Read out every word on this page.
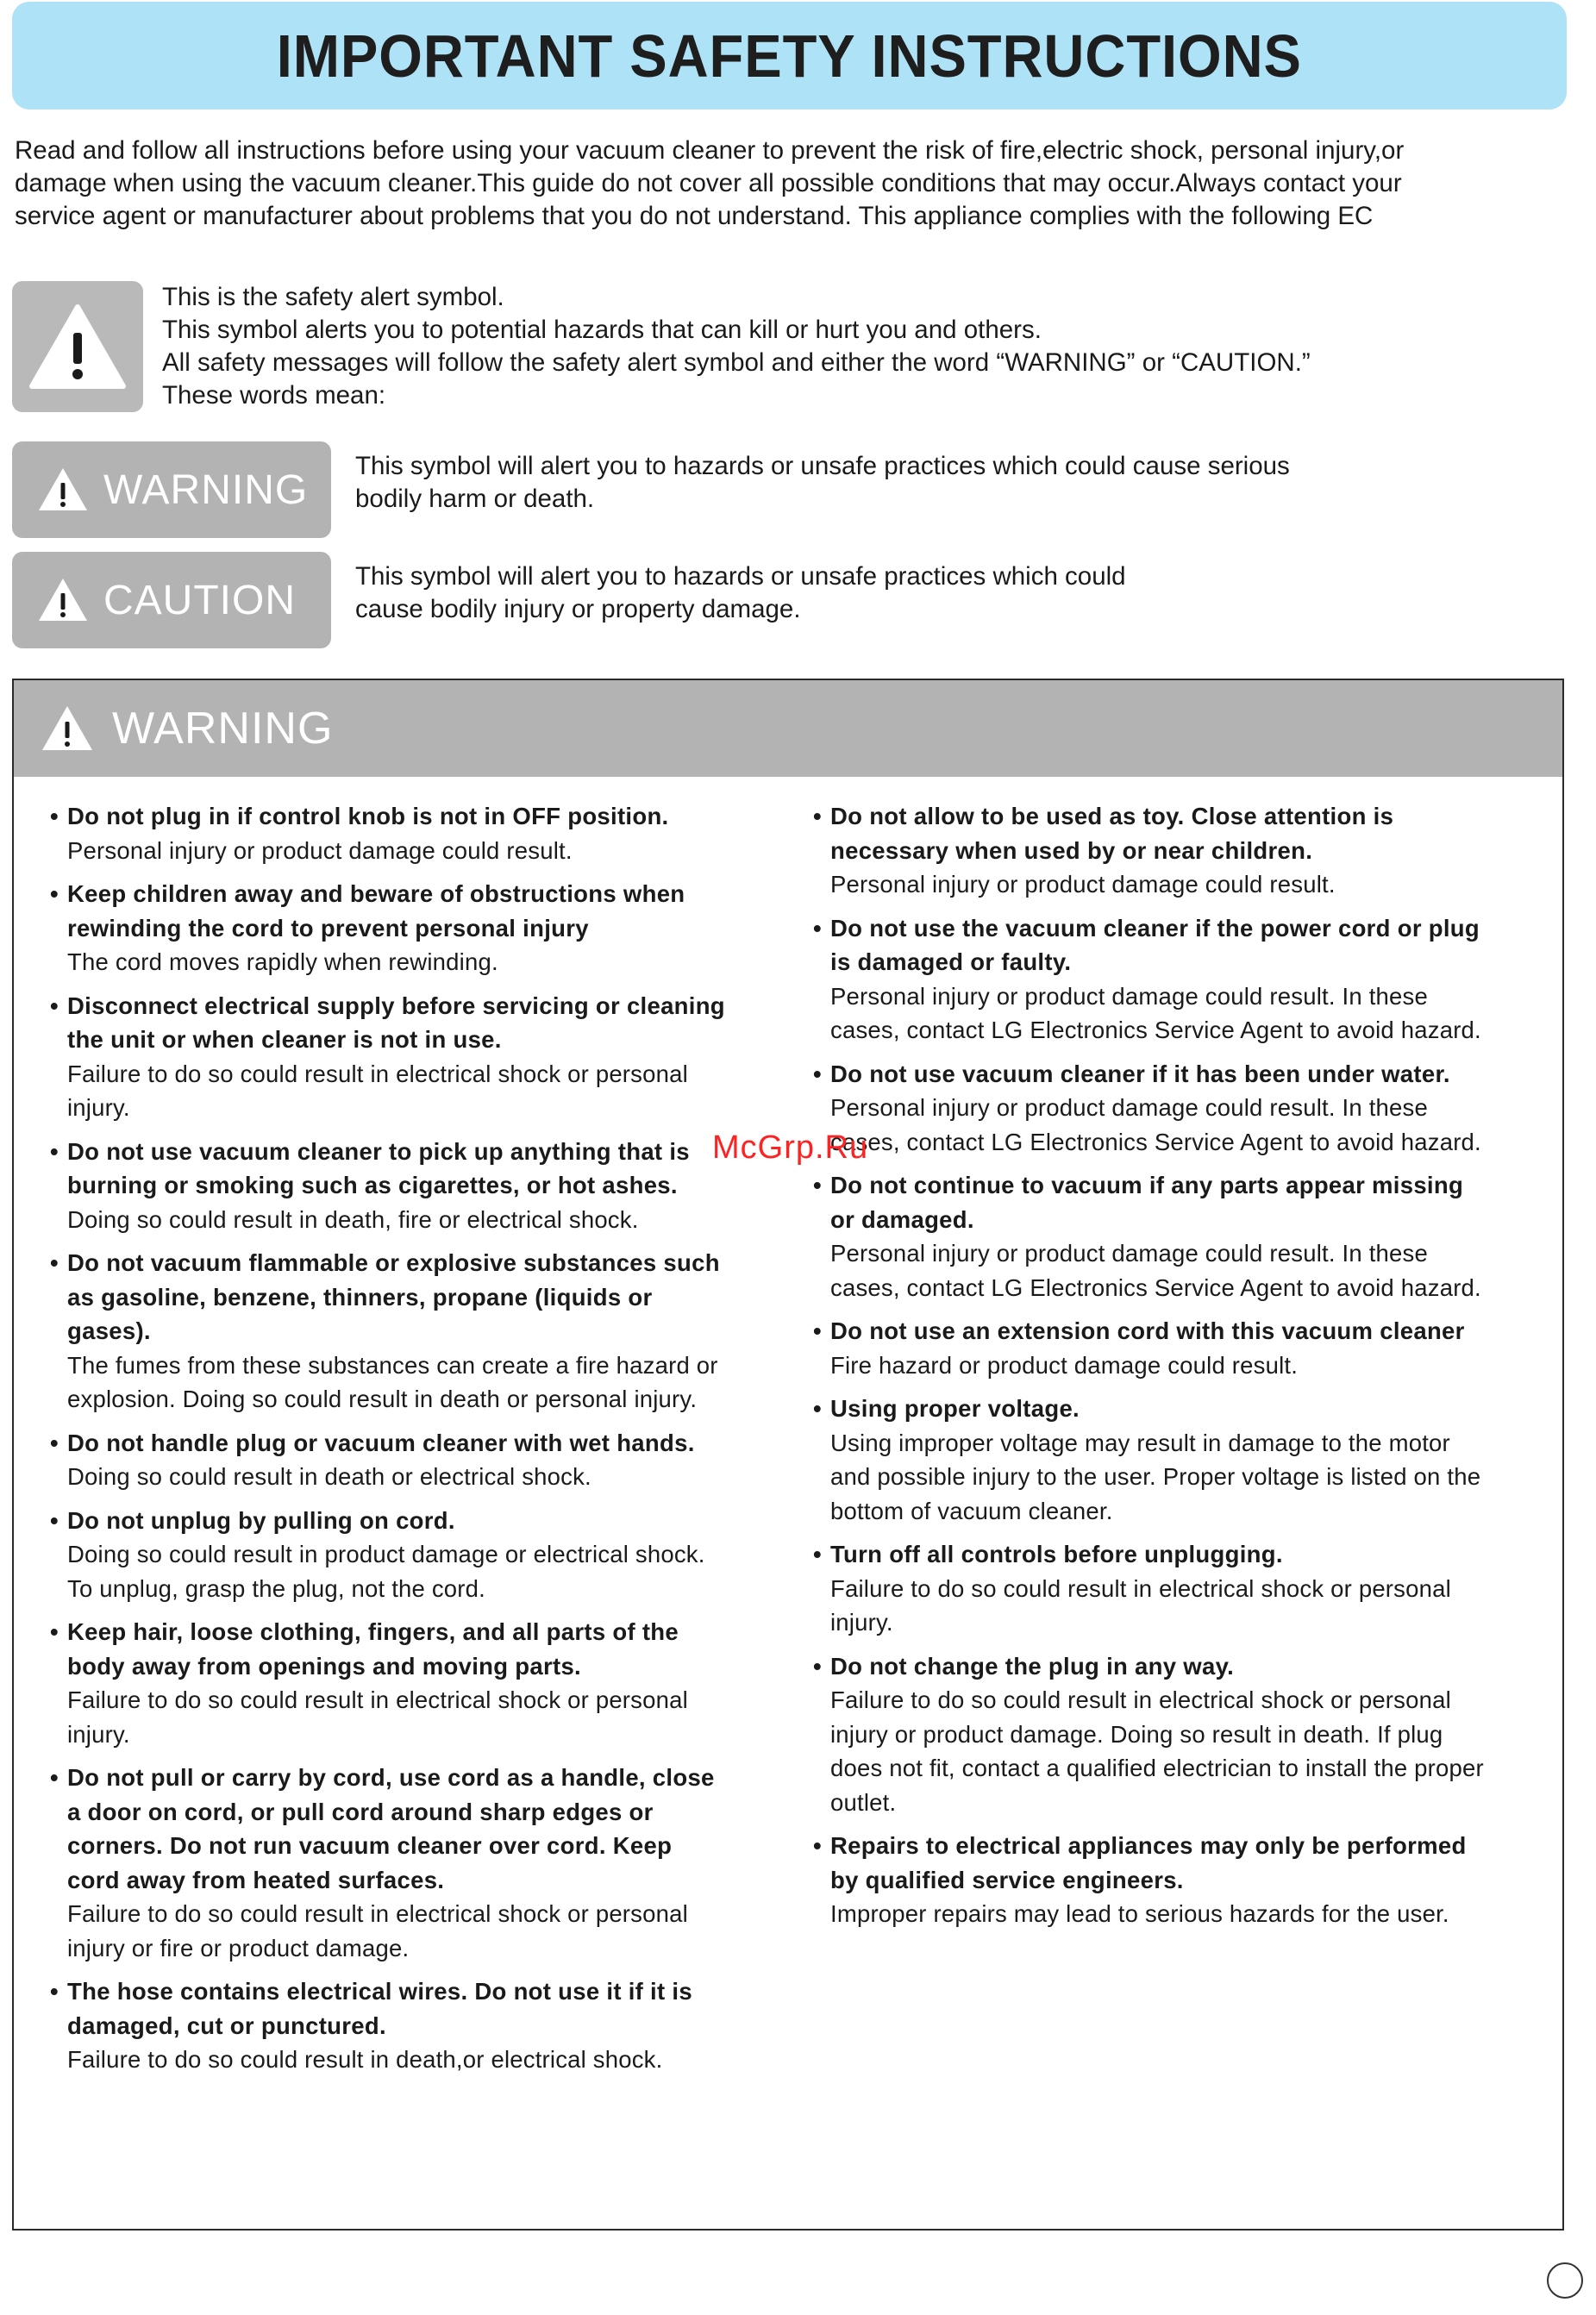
IMPORTANT SAFETY INSTRUCTIONS
Read and follow all instructions before using your vacuum cleaner to prevent the risk of fire,electric shock, personal injury,or
damage when using the vacuum cleaner.This guide do not cover all possible conditions that may occur.Always contact your
service agent or manufacturer about problems that you do not understand. This appliance complies with the following EC
This is the safety alert symbol.
This symbol alerts you to potential hazards that can kill or hurt you and others.
All safety messages will follow the safety alert symbol and either the word “WARNING” or “CAUTION.”
These words mean:
WARNING
This symbol will alert you to hazards or unsafe practices which could cause serious
bodily harm or death.
CAUTION
This symbol will alert you to hazards or unsafe practices which could
cause bodily injury or property damage.
WARNING
• Do not plug in if control knob is not in OFF position.
Personal injury or product damage could result.
• Keep children away and beware of obstructions when
rewinding the cord to prevent personal injury
The cord moves rapidly when rewinding.
• Disconnect electrical supply before servicing or cleaning
the unit or when cleaner is not in use.
Failure to do so could result in electrical shock or personal
injury.
• Do not use vacuum cleaner to pick up anything that is
burning or smoking such as cigarettes, or hot ashes.
Doing so could result in death, fire or electrical shock.
• Do not vacuum flammable or explosive substances such
as gasoline, benzene, thinners, propane (liquids or
gases).
The fumes from these substances can create a fire hazard or
explosion. Doing so could result in death or personal injury.
• Do not handle plug or vacuum cleaner with wet hands.
Doing so could result in death or electrical shock.
• Do not unplug by pulling on cord.
Doing so could result in product damage or electrical shock.
To unplug, grasp the plug, not the cord.
• Keep hair, loose clothing, fingers, and all parts of the
body away from openings and moving parts.
Failure to do so could result in electrical shock or personal
injury.
• Do not pull or carry by cord, use cord as a handle, close
a door on cord, or pull cord around sharp edges or
corners. Do not run vacuum cleaner over cord. Keep
cord away from heated surfaces.
Failure to do so could result in electrical shock or personal
injury or fire or product damage.
• The hose contains electrical wires. Do not use it if it is
damaged, cut or punctured.
Failure to do so could result in death,or electrical shock.
• Do not allow to be used as toy. Close attention is
necessary when used by or near children.
Personal injury or product damage could result.
• Do not use the vacuum cleaner if the power cord or plug
is damaged or faulty.
Personal injury or product damage could result. In these
cases, contact LG Electronics Service Agent to avoid hazard.
• Do not use vacuum cleaner if it has been under water.
Personal injury or product damage could result. In these
cases, contact LG Electronics Service Agent to avoid hazard.
• Do not continue to vacuum if any parts appear missing
or damaged.
Personal injury or product damage could result. In these
cases, contact LG Electronics Service Agent to avoid hazard.
• Do not use an extension cord with this vacuum cleaner
Fire hazard or product damage could result.
• Using proper voltage.
Using improper voltage may result in damage to the motor
and possible injury to the user. Proper voltage is listed on the
bottom of vacuum cleaner.
• Turn off all controls before unplugging.
Failure to do so could result in electrical shock or personal
injury.
• Do not change the plug in any way.
Failure to do so could result in electrical shock or personal
injury or product damage. Doing so result in death. If plug
does not fit, contact a qualified electrician to install the proper
outlet.
• Repairs to electrical appliances may only be performed
by qualified service engineers.
Improper repairs may lead to serious hazards for the user.
McGrp.Ru
